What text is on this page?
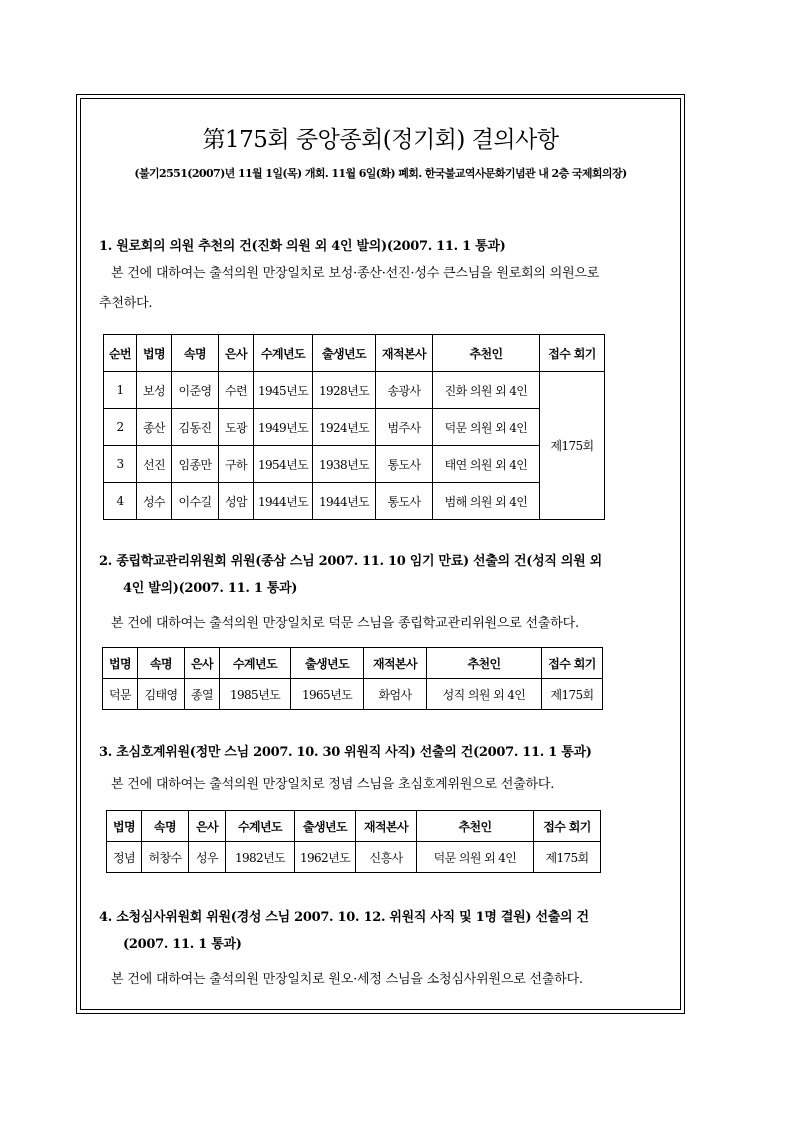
第175회 중앙종회(정기회) 결의사항
(불기2551(2007)년 11월 1일(목) 개회. 11월 6일(화) 폐회. 한국불교역사문화기념관 내 2층 국제회의장)
1. 원로회의 의원 추천의 건(진화 의원 외 4인 발의)(2007. 11. 1 통과)
본 건에 대하여는 출석의원 만장일치로 보성·종산·선진·성수 큰스님을 원로회의 의원으로
추천하다.
순번	법명	속명	은사	수계년도	출생년도	재적본사	추천인	접수 회기
1	보성	이준영	수련	1945년도	1928년도	송광사	진화 의원 외 4인	제175회
2	종산	김동진	도광	1949년도	1924년도	범주사	덕문 의원 외 4인	
3	선진	임종만	구하	1954년도	1938년도	통도사	태연 의원 외 4인	
4	성수	이수길	성암	1944년도	1944년도	통도사	범해 의원 외 4인	
2. 종립학교관리위원회 위원(종삼 스님 2007. 11. 10 임기 만료) 선출의 건(성직 의원 외
4인 발의)(2007. 11. 1 통과)
본 건에 대하여는 출석의원 만장일치로 덕문 스님을 종립학교관리위원으로 선출하다.
법명	속명	은사	수계년도	출생년도	재적본사	추천인	접수 회기
덕문	김태영	종열	1985년도	1965년도	화엄사	성직 의원 외 4인	제175회
3. 초심호계위원(정만 스님 2007. 10. 30 위원직 사직) 선출의 건(2007. 11. 1 통과)
본 건에 대하여는 출석의원 만장일치로 정념 스님을 초심호계위원으로 선출하다.
법명	속명	은사	수계년도	출생년도	재적본사	추천인	접수 회기
정념	허창수	성우	1982년도	1962년도	신흥사	덕문 의원 외 4인	제175회
4. 소청심사위원회 위원(경성 스님 2007. 10. 12. 위원직 사직 및 1명 결원) 선출의 건
(2007. 11. 1 통과)
본 건에 대하여는 출석의원 만장일치로 원오·세정 스님을 소청심사위원으로 선출하다.
